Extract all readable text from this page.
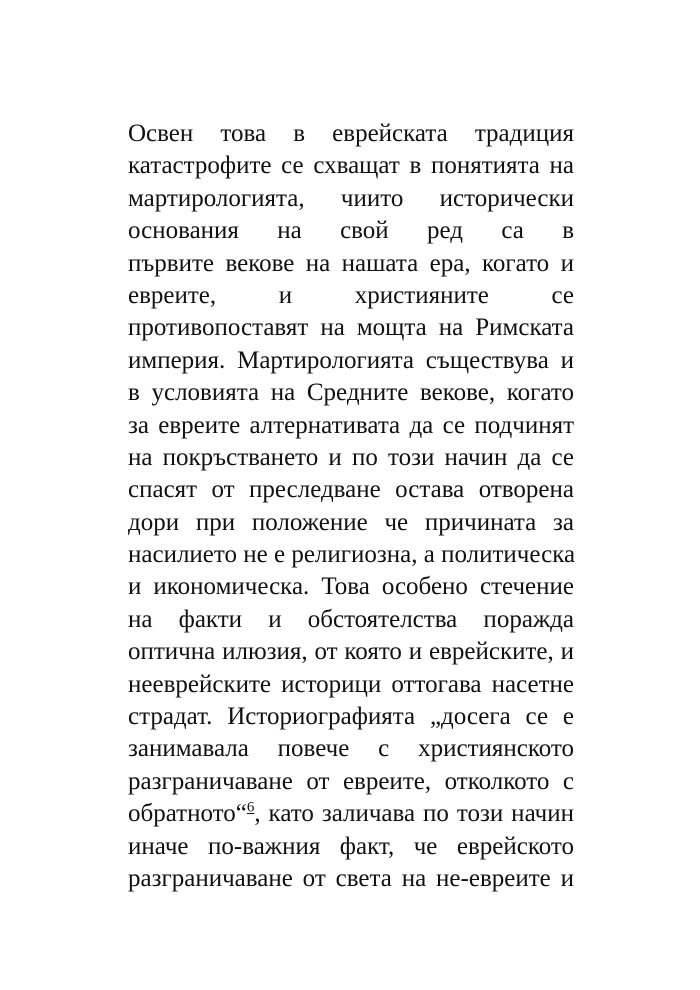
Освен това в еврейската традиция
катастрофите се схващат в понятията на
мартирологията, чиито исторически
основания на свой ред са в
първите векове на нашата ера, когато и
евреите, и християните се
противопоставят на мощта на Римската
империя. Мартирологията съществува и
в условията на Средните векове, когато
за евреите алтернативата да се подчинят
на покръстването и по този начин да се
спасят от преследване остава отворена
дори при положение че причината за
насилието не е религиозна, а политическа
и икономическа. Това особено стечение
на факти и обстоятелства поражда
оптична илюзия, от която и еврейските, и
нееврейските историци оттогава насетне
страдат. Историографията „досега се е
занимавала повече с християнското
разграничаване от евреите, отколкото с
обратното“$^6$, като заличава по този начин
иначе по-важния факт, че еврейското
разграничаване от света на не-евреите и
